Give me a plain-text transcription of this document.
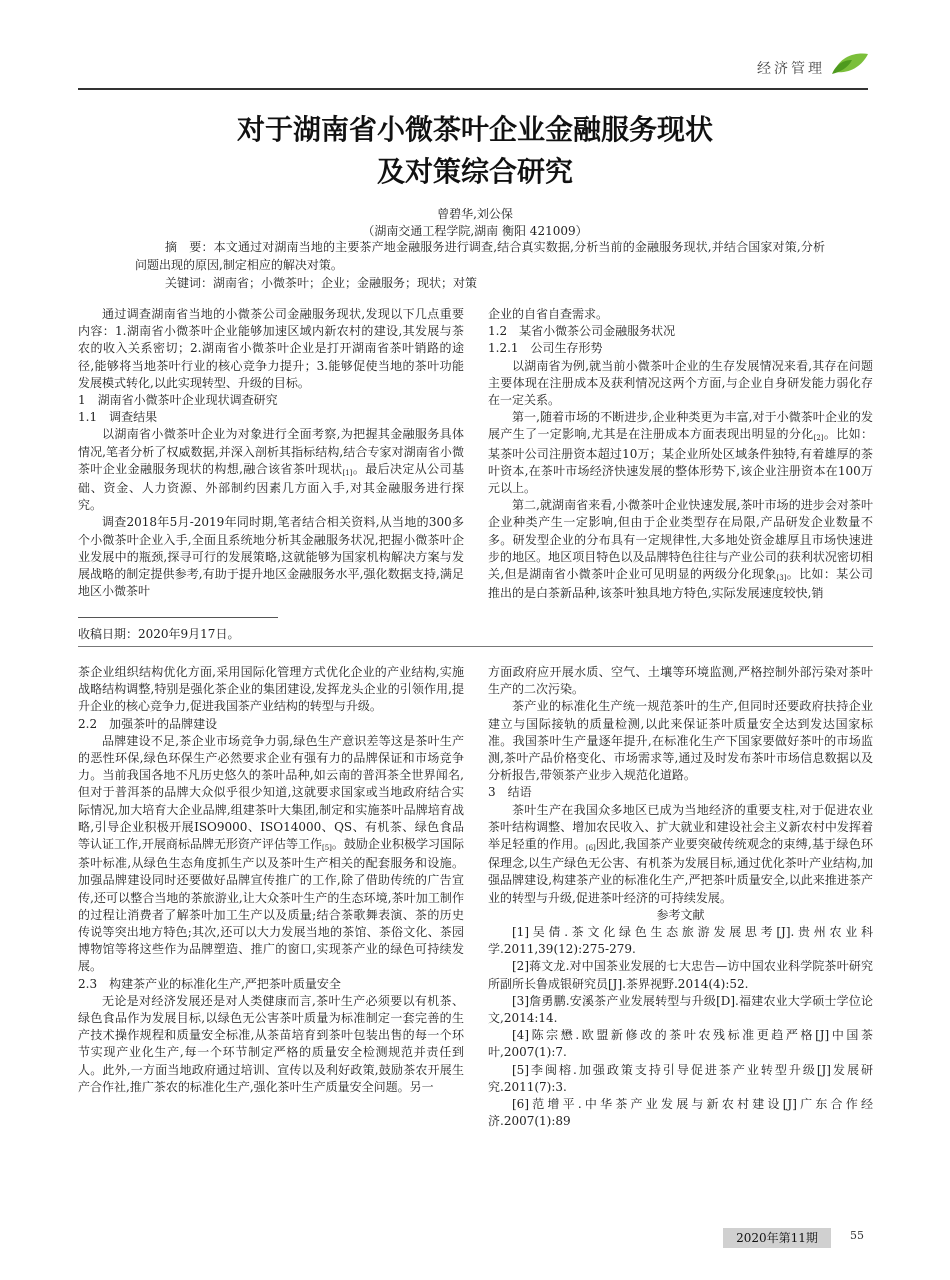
经济管理
对于湖南省小微茶叶企业金融服务现状
及对策综合研究
曾碧华,刘公保
（湖南交通工程学院,湖南 衡阳 421009）
摘　要：本文通过对湖南当地的主要茶产地金融服务进行调查,结合真实数据,分析当前的金融服务现状,并结合国家对策,分析问题出现的原因,制定相应的解决对策。
关键词：湖南省；小微茶叶；企业；金融服务；现状；对策

通过调查湖南省当地的小微茶公司金融服务现状,发现以下几点重要内容：1.湖南省小微茶叶企业能够加速区域内新农村的建设,其发展与茶农的收入关系密切；2.湖南省小微茶叶企业是打开湖南省茶叶销路的途径,能够将当地茶叶行业的核心竞争力提升；3.能够促使当地的茶叶功能发展模式转化,以此实现转型、升级的目标。

1　湖南省小微茶叶企业现状调查研究

1.1　调查结果

以湖南省小微茶叶企业为对象进行全面考察,为把握其金融服务具体情况,笔者分析了权威数据,并深入剖析其指标结构,结合专家对湖南省小微茶叶企业金融服务现状的构想,融合该省茶叶现状[1]。最后决定从公司基础、资金、人力资源、外部制约因素几方面入手,对其金融服务进行探究。

调查2018年5月-2019年同时期,笔者结合相关资料,从当地的300多个小微茶叶企业入手,全面且系统地分析其金融服务状况,把握小微茶叶企业发展中的瓶颈,探寻可行的发展策略,这就能够为国家机构解决方案与发展战略的制定提供参考,有助于提升地区金融服务水平,强化数据支持,满足地区小微茶叶

企业的自省自查需求。

1.2　某省小微茶公司金融服务状况

1.2.1　公司生存形势

以湖南省为例,就当前小微茶叶企业的生存发展情况来看,其存在问题主要体现在注册成本及获利情况这两个方面,与企业自身研发能力弱化存在一定关系。

第一,随着市场的不断进步,企业种类更为丰富,对于小微茶叶企业的发展产生了一定影响,尤其是在注册成本方面表现出明显的分化[2]。比如：某茶叶公司注册资本超过10万；某企业所处区域条件独特,有着雄厚的茶叶资本,在茶叶市场经济快速发展的整体形势下,该企业注册资本在100万元以上。

第二,就湖南省来看,小微茶叶企业快速发展,茶叶市场的进步会对茶叶企业种类产生一定影响,但由于企业类型存在局限,产品研发企业数量不多。研发型企业的分布具有一定规律性,大多地处资金雄厚且市场快速进步的地区。地区项目特色以及品牌特色往往与产业公司的获利状况密切相关,但是湖南省小微茶叶企业可见明显的两级分化现象[3]。比如：某公司推出的是白茶新品种,该茶叶独具地方特色,实际发展速度较快,销

收稿日期：2020年9月17日。

茶企业组织结构优化方面,采用国际化管理方式优化企业的产业结构,实施战略结构调整,特别是强化茶企业的集团建设,发挥龙头企业的引领作用,提升企业的核心竞争力,促进我国茶产业结构的转型与升级。

2.2　加强茶叶的品牌建设

品牌建设不足,茶企业市场竞争力弱,绿色生产意识差等这是茶叶生产的恶性环保,绿色环保生产必然要求企业有强有力的品牌保证和市场竞争力。当前我国各地不凡历史悠久的茶叶品种,如云南的普洱茶全世界闻名,但对于普洱茶的品牌大众似乎很少知道,这就要求国家或当地政府结合实际情况,加大培育大企业品牌,组建茶叶大集团,制定和实施茶叶品牌培育战略,引导企业积极开展ISO9000、ISO14000、QS、有机茶、绿色食品等认证工作,开展商标品牌无形资产评估等工作[5]。鼓励企业积极学习国际茶叶标准,从绿色生态角度抓生产以及茶叶生产相关的配套服务和设施。加强品牌建设同时还要做好品牌宣传推广的工作,除了借助传统的广告宣传,还可以整合当地的茶旅游业,让大众茶叶生产的生态环境,茶叶加工制作的过程让消费者了解茶叶加工生产以及质量;结合茶歌舞表演、茶的历史传说等突出地方特色;其次,还可以大力发展当地的茶馆、茶俗文化、茶园博物馆等将这些作为品牌塑造、推广的窗口,实现茶产业的绿色可持续发展。

2.3　构建茶产业的标准化生产,严把茶叶质量安全

无论是对经济发展还是对人类健康而言,茶叶生产必须要以有机茶、绿色食品作为发展目标,以绿色无公害茶叶质量为标准制定一套完善的生产技术操作规程和质量安全标准,从茶苗培育到茶叶包装出售的每一个环节实现产业化生产,每一个环节制定严格的质量安全检测规范并责任到人。此外,一方面当地政府通过培训、宣传以及利好政策,鼓励茶农开展生产合作社,推广茶农的标准化生产,强化茶叶生产质量安全问题。另一

方面政府应开展水质、空气、土壤等环境监测,严格控制外部污染对茶叶生产的二次污染。

茶产业的标准化生产统一规范茶叶的生产,但同时还要政府扶持企业建立与国际接轨的质量检测,以此来保证茶叶质量安全达到发达国家标准。我国茶叶生产量逐年提升,在标准化生产下国家要做好茶叶的市场监测,茶叶产品价格变化、市场需求等,通过及时发布茶叶市场信息数据以及分析报告,带领茶产业步入规范化道路。

3　结语

茶叶生产在我国众多地区已成为当地经济的重要支柱,对于促进农业茶叶结构调整、增加农民收入、扩大就业和建设社会主义新农村中发挥着举足轻重的作用。[6]因此,我国茶产业要突破传统观念的束缚,基于绿色环保理念,以生产绿色无公害、有机茶为发展目标,通过优化茶叶产业结构,加强品牌建设,构建茶产业的标准化生产,严把茶叶质量安全,以此来推进茶产业的转型与升级,促进茶叶经济的可持续发展。

参考文献

[1]吴倩.茶文化绿色生态旅游发展思考[J].贵州农业科学.2011,39(12):275-279.

[2]蒋文龙.对中国茶业发展的七大忠告—访中国农业科学院茶叶研究所副所长鲁成银研究员[J].茶界视野.2014(4):52.

[3]詹勇鹏.安溪茶产业发展转型与升级[D].福建农业大学硕士学位论文,2014:14.

[4]陈宗懋.欧盟新修改的茶叶农残标准更趋严格[J]中国茶叶,2007(1):7.

[5]李闽榕.加强政策支持引导促进茶产业转型升级[J]发展研究.2011(7):3.

[6]范增平.中华茶产业发展与新农村建设[J]广东合作经济.2007(1):89

2020年第11期	55
